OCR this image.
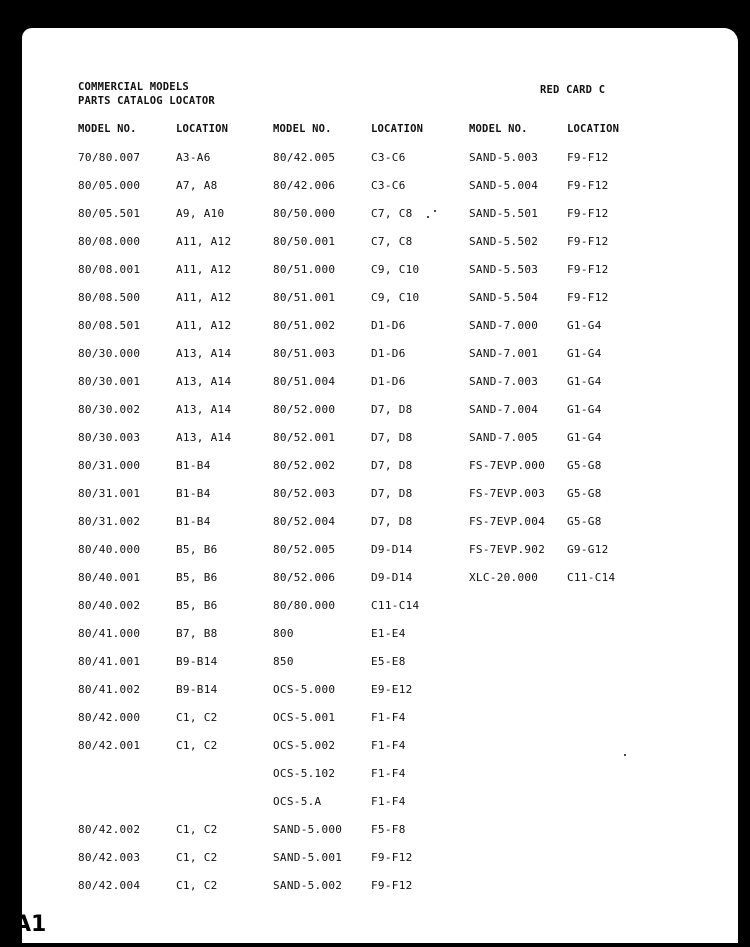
COMMERCIAL MODELS
PARTS CATALOG LOCATOR
RED CARD C
MODEL NO.	LOCATION
70/80.007	A3-A6
80/05.000	A7, A8
80/05.501	A9, A10
80/08.000	A11, A12
80/08.001	A11, A12
80/08.500	A11, A12
80/08.501	A11, A12
80/30.000	A13, A14
80/30.001	A13, A14
80/30.002	A13, A14
80/30.003	A13, A14
80/31.000	B1-B4
80/31.001	B1-B4
80/31.002	B1-B4
80/40.000	B5, B6
80/40.001	B5, B6
80/40.002	B5, B6
80/41.000	B7, B8
80/41.001	B9-B14
80/41.002	B9-B14
80/42.000	C1, C2
80/42.001	C1, C2
80/42.002	C1, C2
80/42.003	C1, C2
80/42.004	C1, C2
MODEL NO.	LOCATION
80/42.005	C3-C6
80/42.006	C3-C6
80/50.000	C7, C8
80/50.001	C7, C8
80/51.000	C9, C10
80/51.001	C9, C10
80/51.002	D1-D6
80/51.003	D1-D6
80/51.004	D1-D6
80/52.000	D7, D8
80/52.001	D7, D8
80/52.002	D7, D8
80/52.003	D7, D8
80/52.004	D7, D8
80/52.005	D9-D14
80/52.006	D9-D14
80/80.000	C11-C14
800	E1-E4
850	E5-E8
OCS-5.000	E9-E12
OCS-5.001	F1-F4
OCS-5.002	F1-F4
OCS-5.102	F1-F4
OCS-5.A	F1-F4
SAND-5.000	F5-F8
SAND-5.001	F9-F12
SAND-5.002	F9-F12
MODEL NO.	LOCATION
SAND-5.003	F9-F12
SAND-5.004	F9-F12
SAND-5.501	F9-F12
SAND-5.502	F9-F12
SAND-5.503	F9-F12
SAND-5.504	F9-F12
SAND-7.000	G1-G4
SAND-7.001	G1-G4
SAND-7.003	G1-G4
SAND-7.004	G1-G4
SAND-7.005	G1-G4
FS-7EVP.000	G5-G8
FS-7EVP.003	G5-G8
FS-7EVP.004	G5-G8
FS-7EVP.902	G9-G12
XLC-20.000	C11-C14
A1
